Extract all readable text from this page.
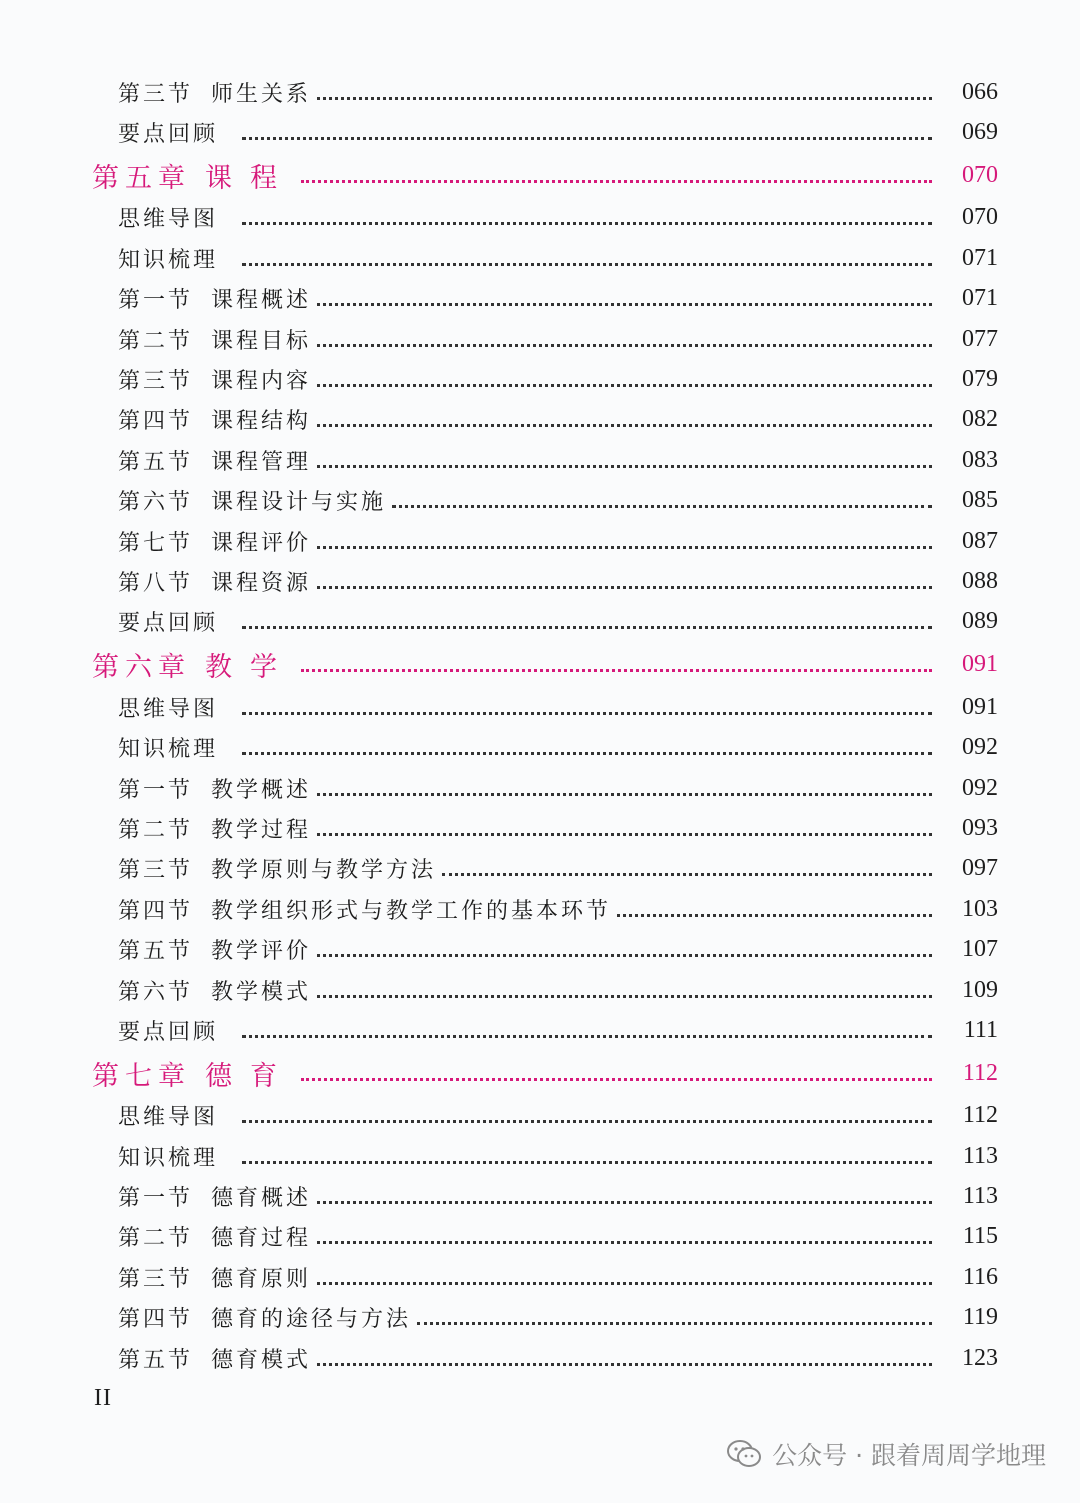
第三节 师生关系	066
要点回顾	069
第五章 课程	070
思维导图	070
知识梳理	071
第一节 课程概述	071
第二节 课程目标	077
第三节 课程内容	079
第四节 课程结构	082
第五节 课程管理	083
第六节 课程设计与实施	085
第七节 课程评价	087
第八节 课程资源	088
要点回顾	089
第六章 教学	091
思维导图	091
知识梳理	092
第一节 教学概述	092
第二节 教学过程	093
第三节 教学原则与教学方法	097
第四节 教学组织形式与教学工作的基本环节	103
第五节 教学评价	107
第六节 教学模式	109
要点回顾	111
第七章 德育	112
思维导图	112
知识梳理	113
第一节 德育概述	113
第二节 德育过程	115
第三节 德育原则	116
第四节 德育的途径与方法	119
第五节 德育模式	123
II
公众号 · 跟着周周学地理
